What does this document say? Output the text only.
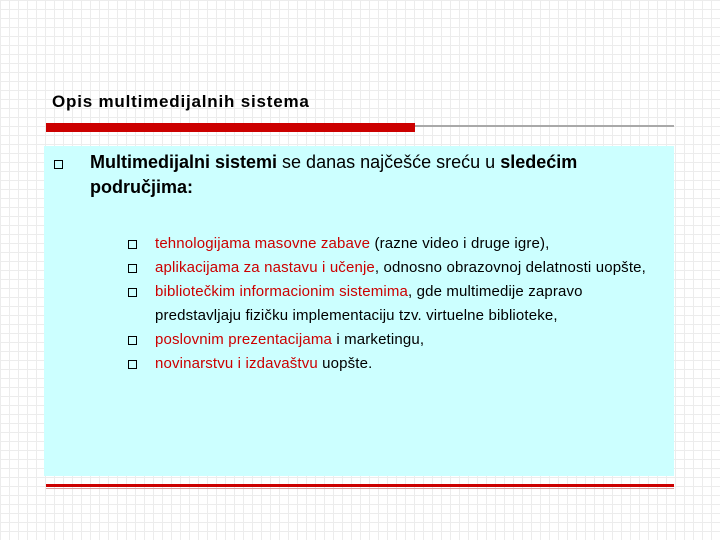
Opis multimedijalnih sistema
Multimedijalni sistemi se danas najčešće sreću u sledećim područjima:
tehnologijama masovne zabave (razne video i druge igre),
aplikacijama za nastavu i učenje, odnosno obrazovnoj delatnosti uopšte,
bibliotečkim informacionim sistemima, gde multimedije zapravo predstavljaju fizičku implementaciju tzv. virtuelne biblioteke,
poslovnim prezentacijama i marketingu,
novinarstvu i izdavaštvu uopšte.
